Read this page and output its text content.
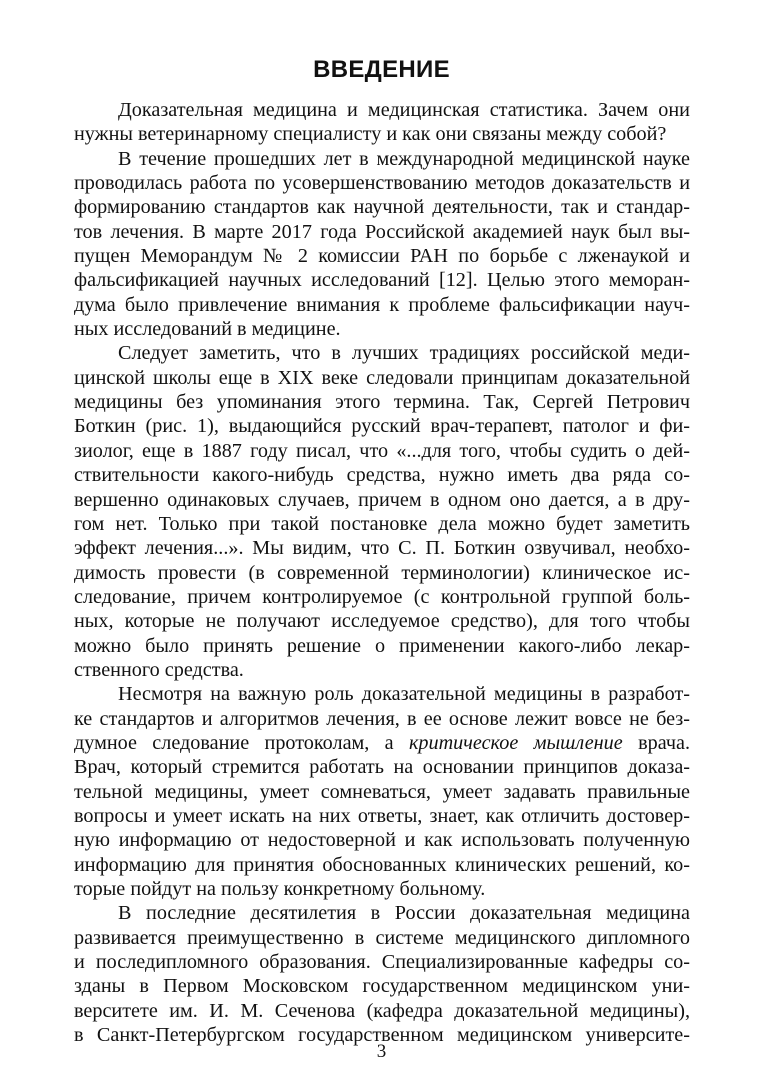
ВВЕДЕНИЕ
Доказательная медицина и медицинская статистика. Зачем они
нужны ветеринарному специалисту и как они связаны между собой?
В течение прошедших лет в международной медицинской науке
проводилась работа по усовершенствованию методов доказательств и
формированию стандартов как научной деятельности, так и стандар-
тов лечения. В марте 2017 года Российской академией наук был вы-
пущен Меморандум № 2 комиссии РАН по борьбе с лженаукой и
фальсификацией научных исследований [12]. Целью этого меморан-
дума было привлечение внимания к проблеме фальсификации науч-
ных исследований в медицине.
Следует заметить, что в лучших традициях российской меди-
цинской школы еще в XIX веке следовали принципам доказательной
медицины без упоминания этого термина. Так, Сергей Петрович
Боткин (рис. 1), выдающийся русский врач-терапевт, патолог и фи-
зиолог, еще в 1887 году писал, что «...для того, чтобы судить о дей-
ствительности какого-нибудь средства, нужно иметь два ряда со-
вершенно одинаковых случаев, причем в одном оно дается, а в дру-
гом нет. Только при такой постановке дела можно будет заметить
эффект лечения...». Мы видим, что С. П. Боткин озвучивал, необхо-
димость провести (в современной терминологии) клиническое ис-
следование, причем контролируемое (с контрольной группой боль-
ных, которые не получают исследуемое средство), для того чтобы
можно было принять решение о применении какого-либо лекар-
ственного средства.
Несмотря на важную роль доказательной медицины в разработ-
ке стандартов и алгоритмов лечения, в ее основе лежит вовсе не без-
думное следование протоколам, а критическое мышление врача.
Врач, который стремится работать на основании принципов доказа-
тельной медицины, умеет сомневаться, умеет задавать правильные
вопросы и умеет искать на них ответы, знает, как отличить достовер-
ную информацию от недостоверной и как использовать полученную
информацию для принятия обоснованных клинических решений, ко-
торые пойдут на пользу конкретному больному.
В последние десятилетия в России доказательная медицина
развивается преимущественно в системе медицинского дипломного
и последипломного образования. Специализированные кафедры со-
зданы в Первом Московском государственном медицинском уни-
верситете им. И. М. Сеченова (кафедра доказательной медицины),
в Санкт-Петербургском государственном медицинском университе-
3
